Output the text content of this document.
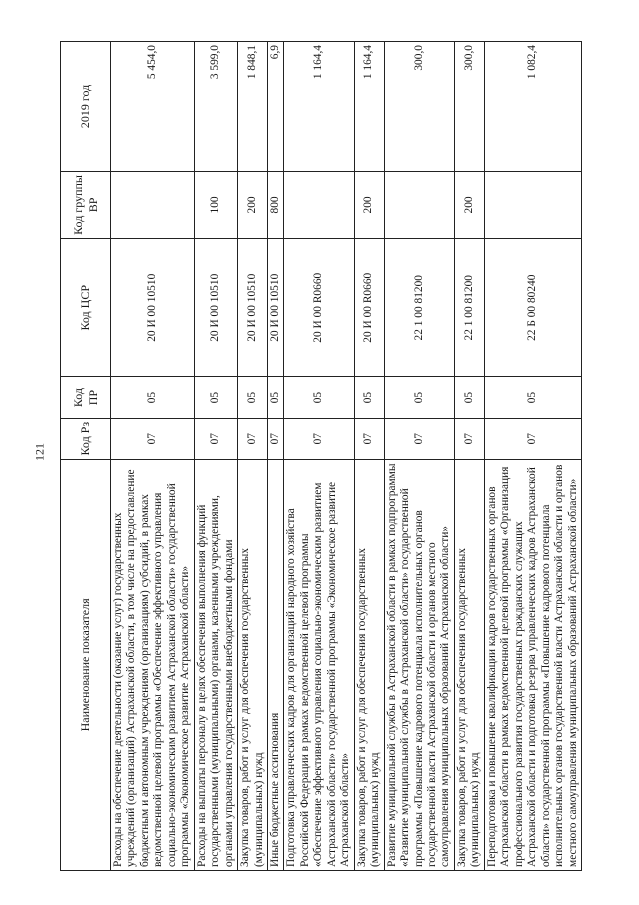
121
Наименование показателя	Код Рз	Код ПР	Код ЦСР	Код группы ВР	2019 год
Расходы на обеспечение деятельности (оказание услуг) государственных учреждений (организаций) Астраханской области, в том числе на предоставление бюджетным и автономным учреждениям (организациям) субсидий, в рамках ведомственной целевой программы «Обеспечение эффективного управления социально-экономическим развитием Астраханской области» государственной программы «Экономическое развитие Астраханской области»	07	05	20 И 00 10510		5 454,0
Расходы на выплаты персоналу в целях обеспечения выполнения функций государственными (муниципальными) органами, казенными учреждениями, органами управления государственными внебюджетными фондами	07	05	20 И 00 10510	100	3 599,0
Закупка товаров, работ и услуг для обеспечения государственных (муниципальных) нужд	07	05	20 И 00 10510	200	1 848,1
Иные бюджетные ассигнования	07	05	20 И 00 10510	800	6,9
Подготовка управленческих кадров для организаций народного хозяйства Российской Федерации в рамках ведомственной целевой программы «Обеспечение эффективного управления социально-экономическим развитием Астраханской области» государственной программы «Экономическое развитие Астраханской области»	07	05	20 И 00 R0660		1 164,4
Закупка товаров, работ и услуг для обеспечения государственных (муниципальных) нужд	07	05	20 И 00 R0660	200	1 164,4
Развитие муниципальной службы в Астраханской области в рамках подпрограммы «Развитие муниципальной службы в Астраханской области» государственной программы «Повышение кадрового потенциала исполнительных органов государственной власти Астраханской области и органов местного самоуправления муниципальных образований Астраханской области»	07	05	22 1 00 81200		300,0
Закупка товаров, работ и услуг для обеспечения государственных (муниципальных) нужд	07	05	22 1 00 81200	200	300,0
Переподготовка и повышение квалификации кадров государственных органов Астраханской области в рамках ведомственной целевой программы «Организация профессионального развития государственных гражданских служащих Астраханской области и подготовка резерва управленческих кадров Астраханской области» государственной программы «Повышение кадрового потенциала исполнительных органов государственной власти Астраханской области и органов местного самоуправления муниципальных образований Астраханской области»	07	05	22 Б 00 80240		1 082,4
